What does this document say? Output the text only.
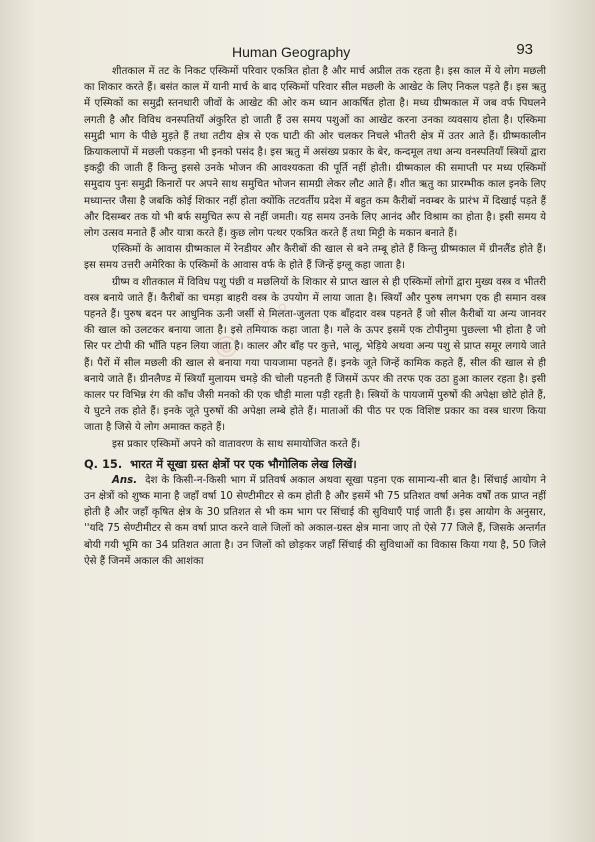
Human Geography	93

शीतकाल में तट के निकट एस्किमों परिवार एकत्रित होता है और मार्च अप्रील तक रहता है। इस काल में ये लोग मछली का शिकार करते हैं। बसंत काल में यानी मार्च के बाद एस्किमों परिवार सील मछली के आखेट के लिए निकल पड़ते हैं। इस ऋतु में एस्मिकों का समुद्री स्तनधारी जीवों के आखेट की ओर कम ध्यान आकर्षित होता है। मध्य ग्रीष्मकाल में जब वर्फ पिघलने लगती है और विविध वनस्पतियाँ अंकुरित हो जाती हैं उस समय पशुओं का आखेट करना उनका व्यवसाय होता है। एस्किमा समुद्री भाग के पीछे मुड़ते हैं तथा तटीय क्षेत्र से एक घाटी की ओर चलकर निचले भीतरी क्षेत्र में उतर आते हैं। ग्रीष्मकालीन क्रियाकलापों में मछली पकड़ना भी इनको पसंद है। इस ऋतु में असंख्य प्रकार के बेर, कन्दमूल तथा अन्य वनस्पतियाँ स्त्रियों द्वारा इकट्ठी की जाती हैं किन्तु इससे उनके भोजन की आवश्यकता की पूर्ति नहीं होती। ग्रीष्मकाल की समाप्ती पर मध्य एस्किमों समुदाय पुनः समुद्री किनारों पर अपने साथ समुचित भोजन सामग्री लेकर लौट आते हैं। शीत ऋतु का प्रारम्भीक काल इनके लिए मध्यान्तर जैसा है जबकि कोई शिकार नहीं होता क्योंकि तटवर्तीय प्रदेश में बहुत कम कैरीबों नवम्बर के प्रारंभ में दिखाई पड़ते हैं और दिसम्बर तक यो भी बर्फ समुचित रूप से नहीं जमती। यह समय उनके लिए आनंद और विश्राम का होता है। इसी समय ये लोग उत्सव मनाते हैं और यात्रा करते हैं। कुछ लोग पत्थर एकत्रित करते हैं तथा मिट्टी के मकान बनाते हैं।

एस्किमों के आवास ग्रीष्मकाल में रेनडीयर और कैरीबों की खाल से बने तम्बू होते हैं किन्तु ग्रीष्मकाल में ग्रीनलैंड होते हैं। इस समय उत्तरी अमेरिका के एस्किमों के आवास वर्फ के होते हैं जिन्हें इग्लू कहा जाता है।

ग्रीष्म व शीतकाल में विविध पशु पंछी व मछलियों के शिकार से प्राप्त खाल से ही एस्किमों लोगों द्वारा मुख्य वस्त्र व भीतरी वस्त्र बनाये जाते हैं। कैरीबों का चमड़ा बाहरी वस्त्र के उपयोग में लाया जाता है। स्त्रियाँ और पुरुष लगभग एक ही समान वस्त्र पहनते हैं। पुरुष बदन पर आधुनिक ऊनी जर्सी से मिलता-जुलता एक बाँहदार वस्त्र पहनते हैं जो सील कैरीबों या अन्य जानवर की खाल को उलटकर बनाया जाता है। इसे तमियाक कहा जाता है। गले के ऊपर इसमें एक टोपीनुमा पुछल्ला भी होता है जो सिर पर टोपी की भाँति पहन लिया जाता है। कालर और बाँह पर कुत्ते, भालू, भेड़िये अथवा अन्य पशु से प्राप्त समूर लगाये जाते हैं। पैरों में सील मछली की खाल से बनाया गया पायजामा पहनते हैं। इनके जूते जिन्हें कामिक कहते हैं, सील की खाल से ही बनाये जाते हैं। ग्रीनलैण्ड में स्त्रियाँ मुलायम चमड़े की चोली पहनती हैं जिसमें ऊपर की तरफ एक उठा हुआ कालर रहता है। इसी कालर पर विभिन्न रंग की काँच जैसी मनको की एक चौड़ी माला पड़ी रहती है। स्त्रियों के पायजामें पुरुषों की अपेक्षा छोटे होते हैं, ये घुटने तक होते हैं। इनके जूते पुरुषों की अपेक्षा लम्बे होते हैं। माताओं की पीठ पर एक विशिष्ट प्रकार का वस्त्र धारण किया जाता है जिसे ये लोग अमाक्त कहते हैं।

इस प्रकार एस्किमों अपने को वातावरण के साथ समायोजित करते हैं।

Q. 15. भारत में सूखा ग्रस्त क्षेत्रों पर एक भौगोलिक लेख लिखें।

Ans. देश के किसी-न-किसी भाग में प्रतिवर्ष अकाल अथवा सूखा पड़ना एक सामान्य-सी बात है। सिंचाई आयोग ने उन क्षेत्रों को शुष्क माना है जहाँ वर्षा 10 सेण्टीमीटर से कम होती है और इसमें भी 75 प्रतिशत वर्षा अनेक वर्षों तक प्राप्त नहीं होती है और जहाँ कृषित क्षेत्र के 30 प्रतिशत से भी कम भाग पर सिंचाई की सुविधाएँ पाई जाती हैं। इस आयोग के अनुसार, ''यदि 75 सेण्टीमीटर से कम वर्षा प्राप्त करने वाले जिलों को अकाल-ग्रस्त क्षेत्र माना जाए तो ऐसे 77 जिले हैं, जिसके अन्तर्गत बोयी गयी भूमि का 34 प्रतिशत आता है। उन जिलों को छोड़कर जहाँ सिंचाई की सुविधाओं का विकास किया गया है, 50 जिले ऐसे हैं जिनमें अकाल की आशंका

© ◦ ◦ ◦
